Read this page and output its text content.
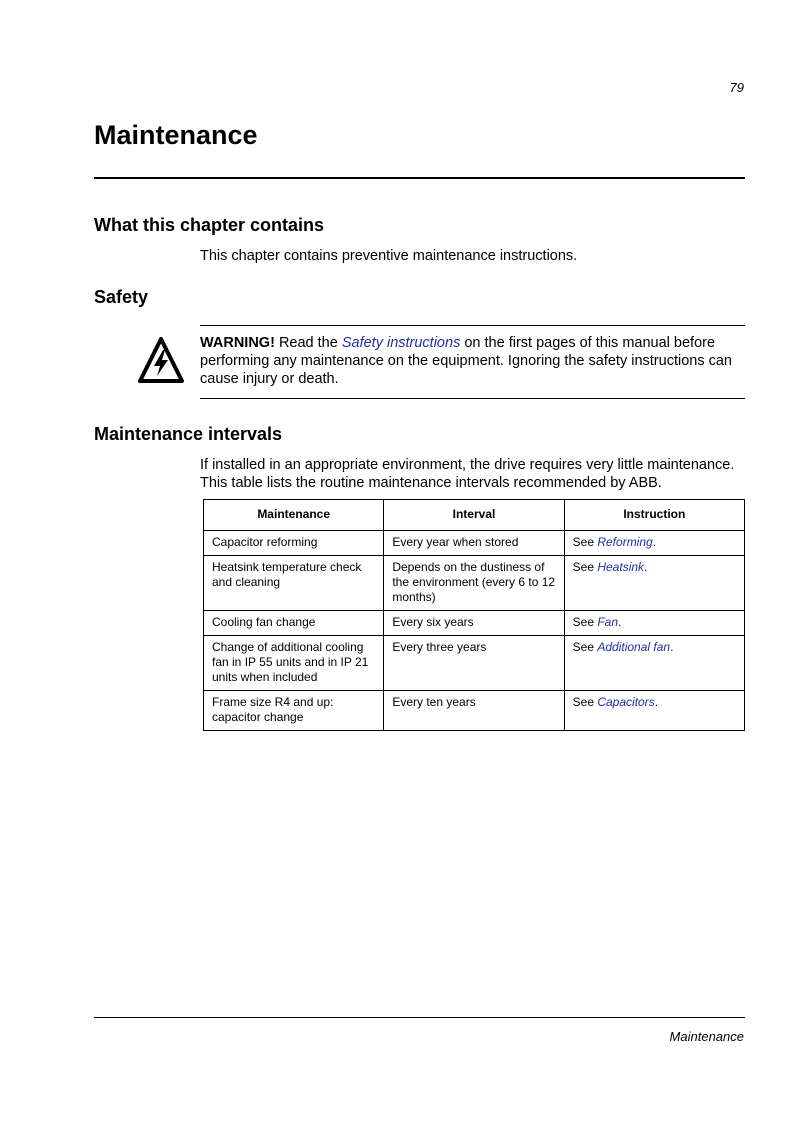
79
Maintenance
What this chapter contains

This chapter contains preventive maintenance instructions.

Safety

WARNING! Read the Safety instructions on the first pages of this manual before performing any maintenance on the equipment. Ignoring the safety instructions can cause injury or death.

Maintenance intervals

If installed in an appropriate environment, the drive requires very little maintenance. This table lists the routine maintenance intervals recommended by ABB.

Maintenance	Interval	Instruction
Capacitor reforming	Every year when stored	See Reforming.
Heatsink temperature check and cleaning	Depends on the dustiness of the environment (every 6 to 12 months)	See Heatsink.
Cooling fan change	Every six years	See Fan.
Change of additional cooling fan in IP 55 units and in IP 21 units when included	Every three years	See Additional fan.
Frame size R4 and up: capacitor change	Every ten years	See Capacitors.
Maintenance
